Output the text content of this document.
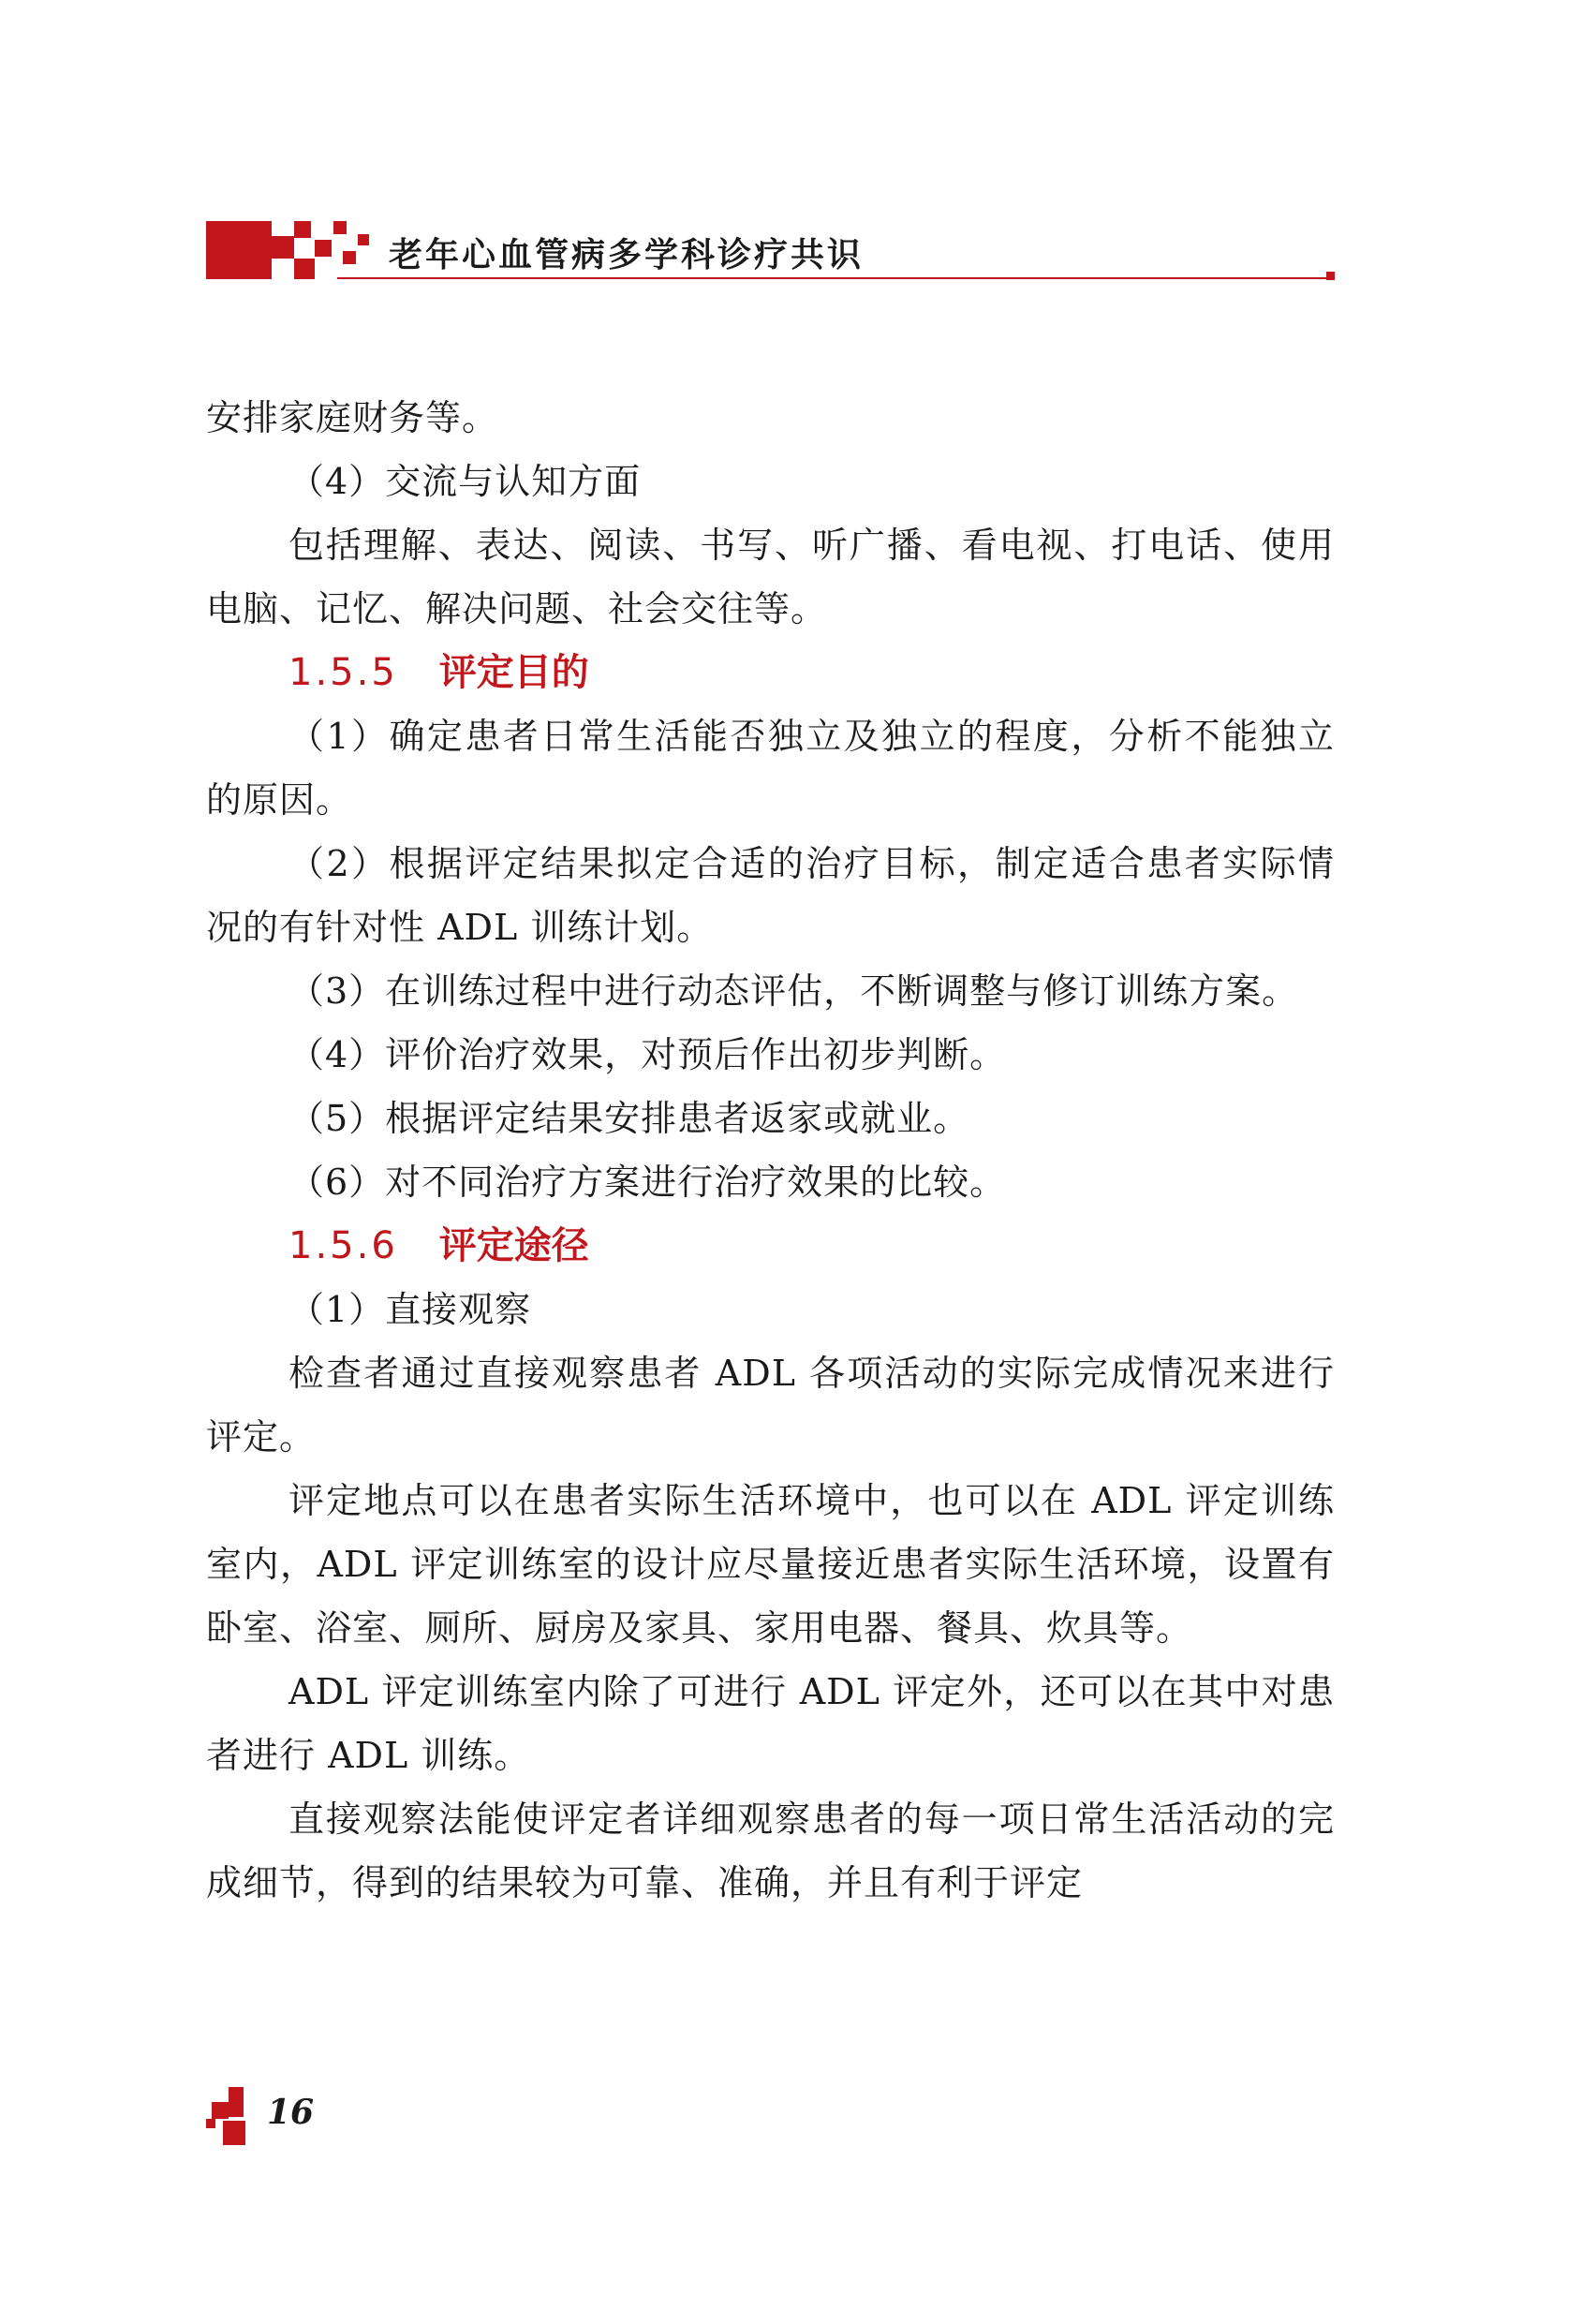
老年心血管病多学科诊疗共识

安排家庭财务等。

（4）交流与认知方面

包括理解、表达、阅读、书写、听广播、看电视、打电话、使用电脑、记忆、解决问题、社会交往等。

1.5.5 评定目的

（1）确定患者日常生活能否独立及独立的程度，分析不能独立的原因。

（2）根据评定结果拟定合适的治疗目标，制定适合患者实际情况的有针对性 ADL 训练计划。

（3）在训练过程中进行动态评估，不断调整与修订训练方案。

（4）评价治疗效果，对预后作出初步判断。

（5）根据评定结果安排患者返家或就业。

（6）对不同治疗方案进行治疗效果的比较。

1.5.6 评定途径

（1）直接观察

检查者通过直接观察患者 ADL 各项活动的实际完成情况来进行评定。

评定地点可以在患者实际生活环境中，也可以在 ADL 评定训练室内，ADL 评定训练室的设计应尽量接近患者实际生活环境，设置有卧室、浴室、厕所、厨房及家具、家用电器、餐具、炊具等。

ADL 评定训练室内除了可进行 ADL 评定外，还可以在其中对患者进行 ADL 训练。

直接观察法能使评定者详细观察患者的每一项日常生活活动的完成细节，得到的结果较为可靠、准确，并且有利于评定

16
